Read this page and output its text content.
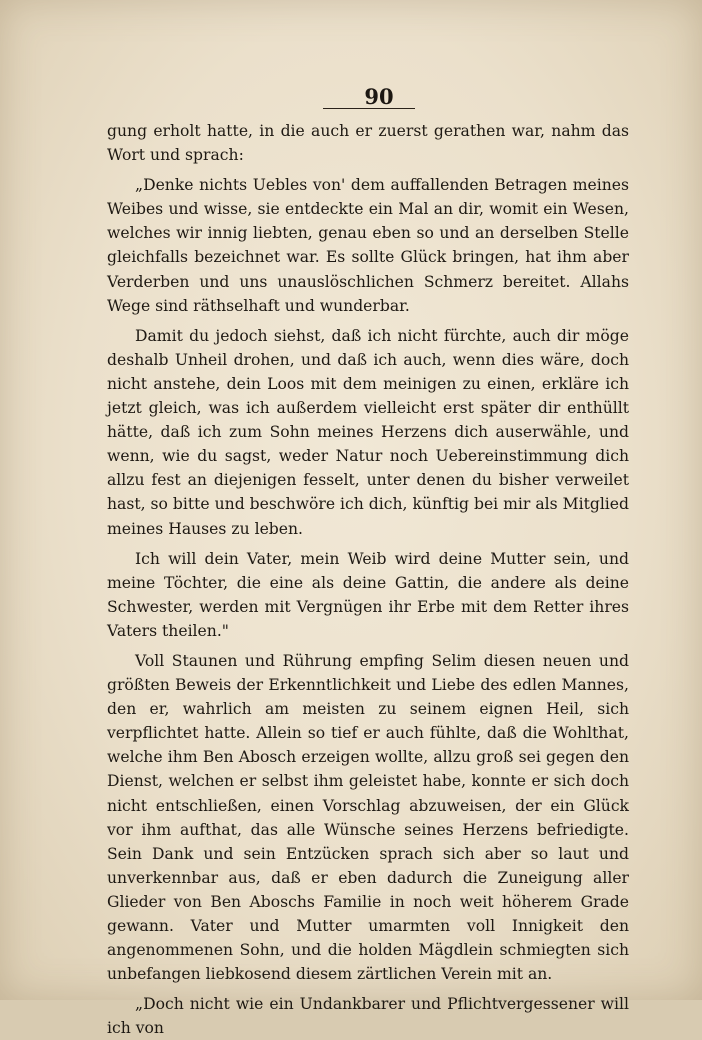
90

gung erholt hatte, in die auch er zuerst gerathen war, nahm das Wort und sprach:

„Denke nichts Uebles von' dem auffallenden Betragen meines Weibes und wisse, sie entdeckte ein Mal an dir, womit ein Wesen, welches wir innig liebten, genau eben so und an derselben Stelle gleichfalls bezeichnet war. Es sollte Glück bringen, hat ihm aber Verderben und uns unauslöschlichen Schmerz bereitet. Allahs Wege sind räthselhaft und wunderbar.

Damit du jedoch siehst, daß ich nicht fürchte, auch dir möge deshalb Unheil drohen, und daß ich auch, wenn dies wäre, doch nicht anstehe, dein Loos mit dem meinigen zu einen, erkläre ich jetzt gleich, was ich außerdem vielleicht erst später dir enthüllt hätte, daß ich zum Sohn meines Herzens dich auserwähle, und wenn, wie du sagst, weder Natur noch Uebereinstimmung dich allzu fest an diejenigen fesselt, unter denen du bisher verweilet hast, so bitte und beschwöre ich dich, künftig bei mir als Mitglied meines Hauses zu leben.

Ich will dein Vater, mein Weib wird deine Mutter sein, und meine Töchter, die eine als deine Gattin, die andere als deine Schwester, werden mit Vergnügen ihr Erbe mit dem Retter ihres Vaters theilen."

Voll Staunen und Rührung empfing Selim diesen neuen und größten Beweis der Erkenntlichkeit und Liebe des edlen Mannes, den er, wahrlich am meisten zu seinem eignen Heil, sich verpflichtet hatte. Allein so tief er auch fühlte, daß die Wohlthat, welche ihm Ben Abosch erzeigen wollte, allzu groß sei gegen den Dienst, welchen er selbst ihm geleistet habe, konnte er sich doch nicht entschließen, einen Vorschlag abzuweisen, der ein Glück vor ihm aufthat, das alle Wünsche seines Herzens befriedigte. Sein Dank und sein Entzücken sprach sich aber so laut und unverkennbar aus, daß er eben dadurch die Zuneigung aller Glieder von Ben Aboschs Familie in noch weit höherem Grade gewann. Vater und Mutter umarmten voll Innigkeit den angenommenen Sohn, und die holden Mägdlein schmiegten sich unbefangen liebkosend diesem zärtlichen Verein mit an.

„Doch nicht wie ein Undankbarer und Pflichtvergessener will ich von
